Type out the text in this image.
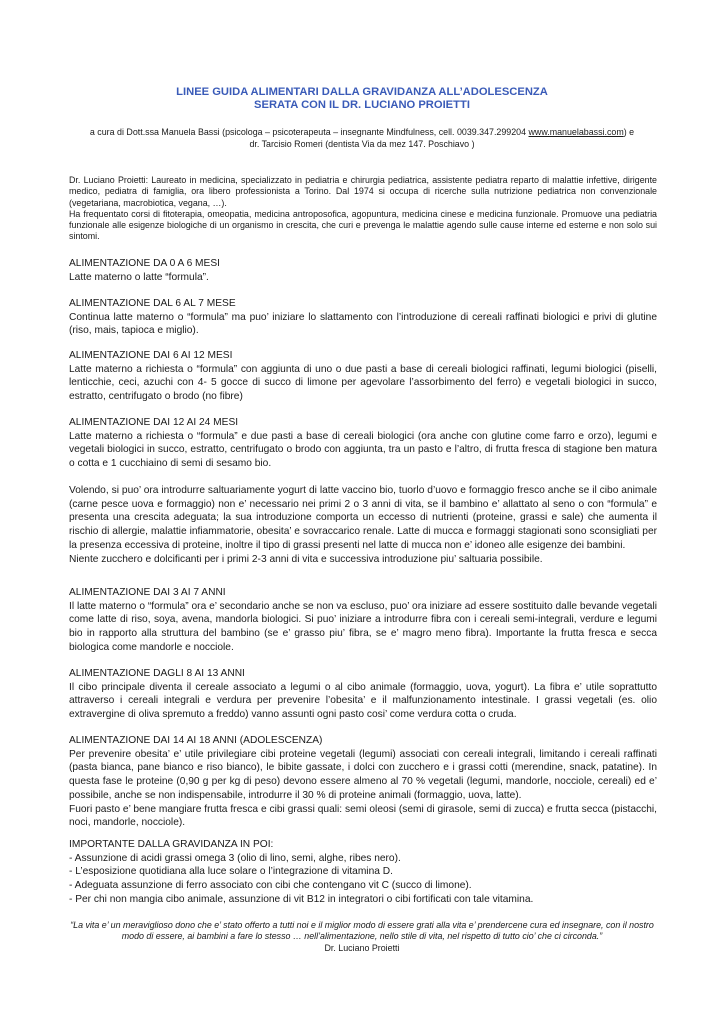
LINEE GUIDA ALIMENTARI DALLA GRAVIDANZA ALL’ADOLESCENZA
SERATA CON IL DR. LUCIANO PROIETTI
a cura di Dott.ssa Manuela Bassi (psicologa – psicoterapeuta – insegnante Mindfulness, cell. 0039.347.299204 www.manuelabassi.com) e
dr. Tarcisio Romeri (dentista Via da mez 147. Poschiavo )

Dr. Luciano Proietti: Laureato in medicina, specializzato in pediatria e chirurgia pediatrica, assistente pediatra reparto di malattie infettive, dirigente medico, pediatra di famiglia, ora libero professionista a Torino. Dal 1974 si occupa di ricerche sulla nutrizione pediatrica non convenzionale (vegetariana, macrobiotica, vegana, …).

Ha frequentato corsi di fitoterapia, omeopatia, medicina antroposofica, agopuntura, medicina cinese e medicina funzionale. Promuove una pediatria funzionale alle esigenze biologiche di un organismo in crescita, che curi e prevenga le malattie agendo sulle cause interne ed esterne e non solo sui sintomi.

ALIMENTAZIONE DA 0 A 6 MESI

Latte materno o latte “formula”.

ALIMENTAZIONE DAL 6 AL 7 MESE

Continua latte materno o “formula” ma puo’ iniziare lo slattamento con l’introduzione di cereali raffinati biologici e privi di glutine (riso, mais, tapioca e miglio).

ALIMENTAZIONE DAI 6 AI 12 MESI

Latte materno a richiesta o “formula” con aggiunta di uno o due pasti a base di cereali biologici raffinati, legumi biologici (piselli, lenticchie, ceci, azuchi con 4- 5 gocce di succo di limone per agevolare l’assorbimento del ferro) e vegetali biologici in succo, estratto, centrifugato o brodo (no fibre)

ALIMENTAZIONE DAI 12 AI 24 MESI

Latte materno a richiesta o “formula” e due pasti a base di cereali biologici (ora anche con glutine come farro e orzo), legumi e vegetali biologici in succo, estratto, centrifugato o brodo con aggiunta, tra un pasto e l’altro, di frutta fresca di stagione ben matura o cotta e 1 cucchiaino di semi di sesamo bio.

Volendo, si puo’ ora introdurre saltuariamente yogurt di latte vaccino bio, tuorlo d’uovo e formaggio fresco anche se il cibo animale (carne pesce uova e formaggio) non e’ necessario nei primi 2 o 3 anni di vita, se il bambino e’ allattato al seno o con “formula” e presenta una crescita adeguata; la sua introduzione comporta un eccesso di nutrienti (proteine, grassi e sale) che aumenta il rischio di allergie, malattie infiammatorie, obesita’ e sovraccarico renale. Latte di mucca e formaggi stagionati sono sconsigliati per la presenza eccessiva di proteine, inoltre il tipo di grassi presenti nel latte di mucca non e’ idoneo alle esigenze dei bambini.

Niente zucchero e dolcificanti per i primi 2-3 anni di vita e successiva introduzione piu’ saltuaria possibile.

ALIMENTAZIONE DAI 3 AI 7 ANNI

Il latte materno o “formula” ora e’ secondario anche se non va escluso, puo’ ora iniziare ad essere sostituito dalle bevande vegetali come latte di riso, soya, avena, mandorla biologici. Si puo’ iniziare a introdurre fibra con i cereali semi-integrali, verdure e legumi bio in rapporto alla struttura del bambino (se e’ grasso piu’ fibra, se e’ magro meno fibra). Importante la frutta fresca e secca biologica come mandorle e nocciole.

ALIMENTAZIONE DAGLI 8 AI 13 ANNI

Il cibo principale diventa il cereale associato a legumi o al cibo animale (formaggio, uova, yogurt). La fibra e’ utile soprattutto attraverso i cereali integrali e verdura per prevenire l’obesita’ e il malfunzionamento intestinale. I grassi vegetali (es. olio extravergine di oliva spremuto a freddo) vanno assunti ogni pasto cosi’ come verdura cotta o cruda.

ALIMENTAZIONE DAI 14 AI 18 ANNI (ADOLESCENZA)

Per prevenire obesita’ e’ utile privilegiare cibi proteine vegetali (legumi) associati con cereali integrali, limitando i cereali raffinati (pasta bianca, pane bianco e riso bianco), le bibite gassate, i dolci con zucchero e i grassi cotti (merendine, snack, patatine). In questa fase le proteine (0,90 g per kg di peso) devono essere almeno al 70 % vegetali (legumi, mandorle, nocciole, cereali) ed e’ possibile, anche se non indispensabile, introdurre il 30 % di proteine animali (formaggio, uova, latte).

Fuori pasto e’ bene mangiare frutta fresca e cibi grassi quali: semi oleosi (semi di girasole, semi di zucca) e frutta secca (pistacchi, noci, mandorle, nocciole).

IMPORTANTE DALLA GRAVIDANZA IN POI:

- Assunzione di acidi grassi omega 3 (olio di lino, semi, alghe, ribes nero).
- L’esposizione quotidiana alla luce solare o l’integrazione di vitamina D.
- Adeguata assunzione di ferro associato con cibi che contengano vit C (succo di limone).
- Per chi non mangia cibo animale, assunzione di vit B12 in integratori o cibi fortificati con tale vitamina.
“La vita e’ un meraviglioso dono che e’ stato offerto a tutti noi e il miglior modo di essere grati alla vita e’ prendercene cura ed insegnare, con il nostro modo di essere, ai bambini a fare lo stesso … nell’alimentazione, nello stile di vita, nel rispetto di tutto cio’ che ci circonda.”
Dr. Luciano Proietti
